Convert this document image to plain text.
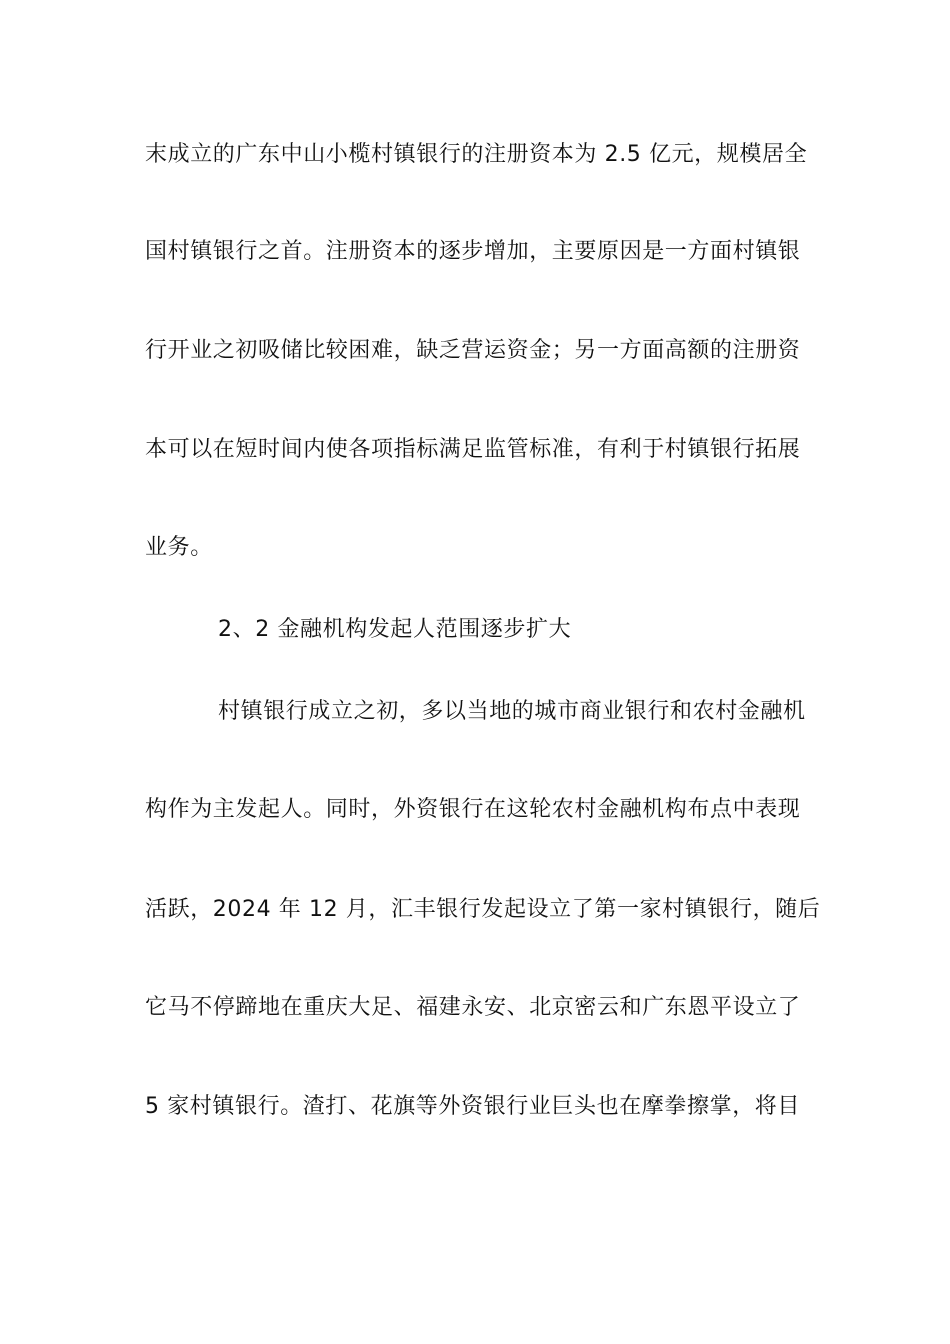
末成立的广东中山小榄村镇银行的注册资本为 2.5 亿元，规模居全
国村镇银行之首。注册资本的逐步增加，主要原因是一方面村镇银
行开业之初吸储比较困难，缺乏营运资金；另一方面高额的注册资
本可以在短时间内使各项指标满足监管标准，有利于村镇银行拓展
业务。
2、2 金融机构发起人范围逐步扩大
村镇银行成立之初，多以当地的城市商业银行和农村金融机
构作为主发起人。同时，外资银行在这轮农村金融机构布点中表现
活跃，2024 年 12 月，汇丰银行发起设立了第一家村镇银行，随后
它马不停蹄地在重庆大足、福建永安、北京密云和广东恩平设立了
5 家村镇银行。渣打、花旗等外资银行业巨头也在摩拳擦掌，将目
